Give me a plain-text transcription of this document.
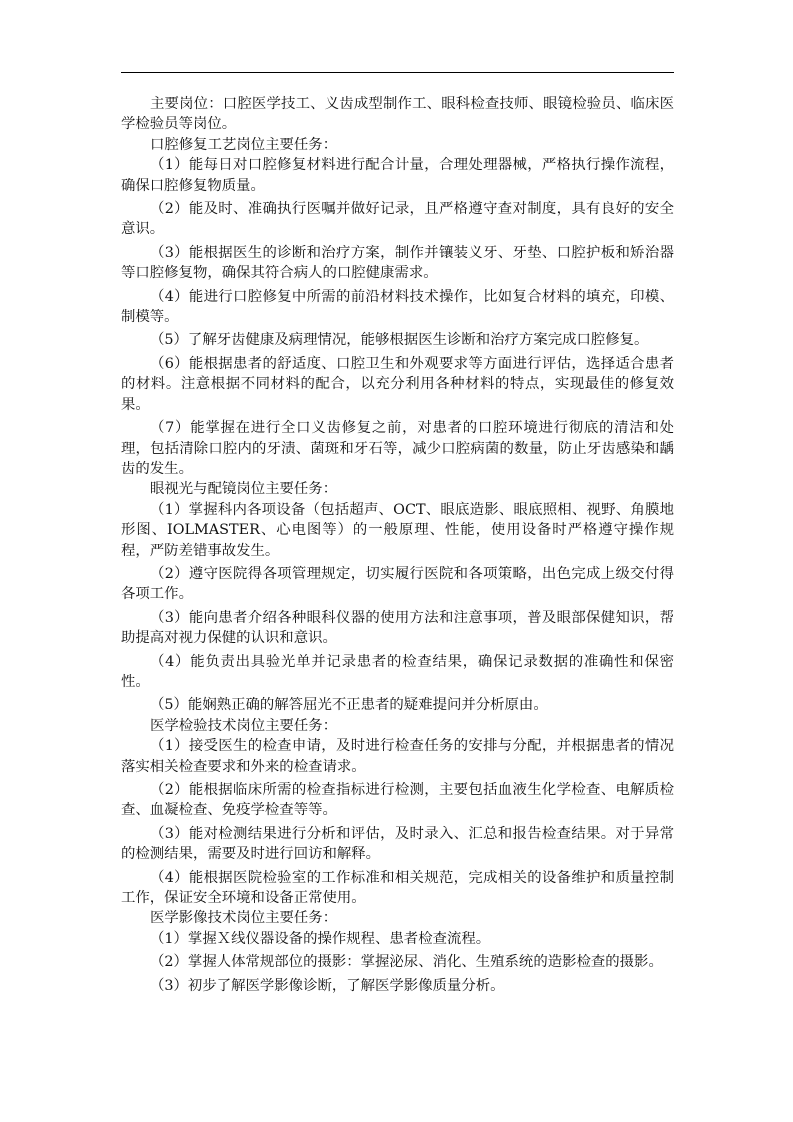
主要岗位：口腔医学技工、义齿成型制作工、眼科检查技师、眼镜检验员、临床医学检验员等岗位。

口腔修复工艺岗位主要任务：

（1）能每日对口腔修复材料进行配合计量，合理处理器械，严格执行操作流程，确保口腔修复物质量。

（2）能及时、准确执行医嘱并做好记录，且严格遵守查对制度，具有良好的安全意识。

（3）能根据医生的诊断和治疗方案，制作并镶装义牙、牙垫、口腔护板和矫治器等口腔修复物，确保其符合病人的口腔健康需求。

（4）能进行口腔修复中所需的前沿材料技术操作，比如复合材料的填充，印模、制模等。

（5）了解牙齿健康及病理情况，能够根据医生诊断和治疗方案完成口腔修复。

（6）能根据患者的舒适度、口腔卫生和外观要求等方面进行评估，选择适合患者的材料。注意根据不同材料的配合，以充分利用各种材料的特点，实现最佳的修复效果。

（7）能掌握在进行全口义齿修复之前，对患者的口腔环境进行彻底的清洁和处理，包括清除口腔内的牙渍、菌斑和牙石等，减少口腔病菌的数量，防止牙齿感染和龋齿的发生。

眼视光与配镜岗位主要任务：

（1）掌握科内各项设备（包括超声、OCT、眼底造影、眼底照相、视野、角膜地形图、IOLMASTER、心电图等）的一般原理、性能，使用设备时严格遵守操作规程，严防差错事故发生。

（2）遵守医院得各项管理规定，切实履行医院和各项策略，出色完成上级交付得各项工作。

（3）能向患者介绍各种眼科仪器的使用方法和注意事项，普及眼部保健知识，帮助提高对视力保健的认识和意识。

（4）能负责出具验光单并记录患者的检查结果，确保记录数据的准确性和保密性。

（5）能娴熟正确的解答屈光不正患者的疑难提问并分析原由。

医学检验技术岗位主要任务：

（1）接受医生的检查申请，及时进行检查任务的安排与分配，并根据患者的情况落实相关检查要求和外来的检查请求。

（2）能根据临床所需的检查指标进行检测，主要包括血液生化学检查、电解质检查、血凝检查、免疫学检查等等。

（3）能对检测结果进行分析和评估，及时录入、汇总和报告检查结果。对于异常的检测结果，需要及时进行回访和解释。

（4）能根据医院检验室的工作标准和相关规范，完成相关的设备维护和质量控制工作，保证安全环境和设备正常使用。

医学影像技术岗位主要任务：

（1）掌握Ｘ线仪器设备的操作规程、患者检查流程。

（2）掌握人体常规部位的摄影：掌握泌尿、消化、生殖系统的造影检查的摄影。

（3）初步了解医学影像诊断，了解医学影像质量分析。
